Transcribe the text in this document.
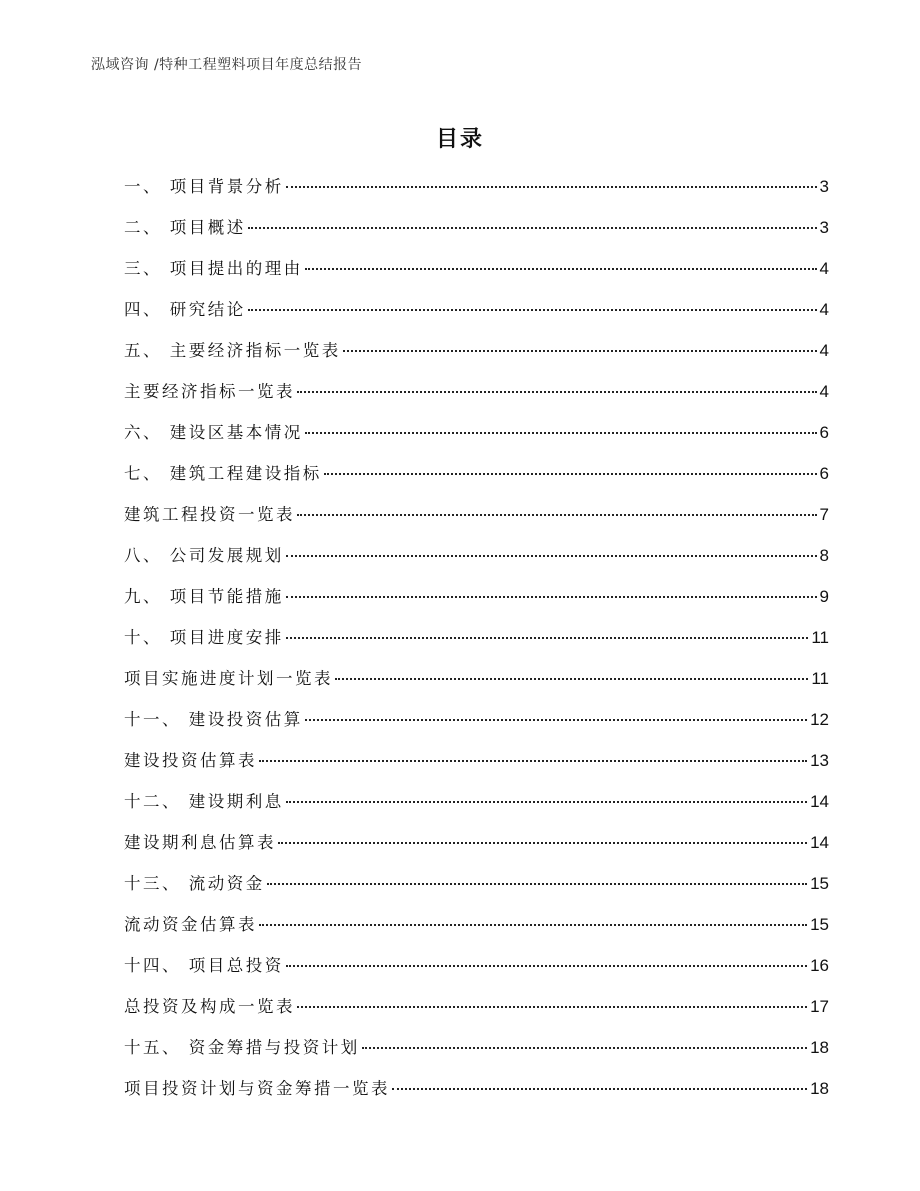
泓域咨询 /特种工程塑料项目年度总结报告
目录
一、 项目背景分析	3
二、 项目概述	3
三、 项目提出的理由	4
四、 研究结论	4
五、 主要经济指标一览表	4
主要经济指标一览表	4
六、 建设区基本情况	6
七、 建筑工程建设指标	6
建筑工程投资一览表	7
八、 公司发展规划	8
九、 项目节能措施	9
十、 项目进度安排	11
项目实施进度计划一览表	11
十一、 建设投资估算	12
建设投资估算表	13
十二、 建设期利息	14
建设期利息估算表	14
十三、 流动资金	15
流动资金估算表	15
十四、 项目总投资	16
总投资及构成一览表	17
十五、 资金筹措与投资计划	18
项目投资计划与资金筹措一览表	18
